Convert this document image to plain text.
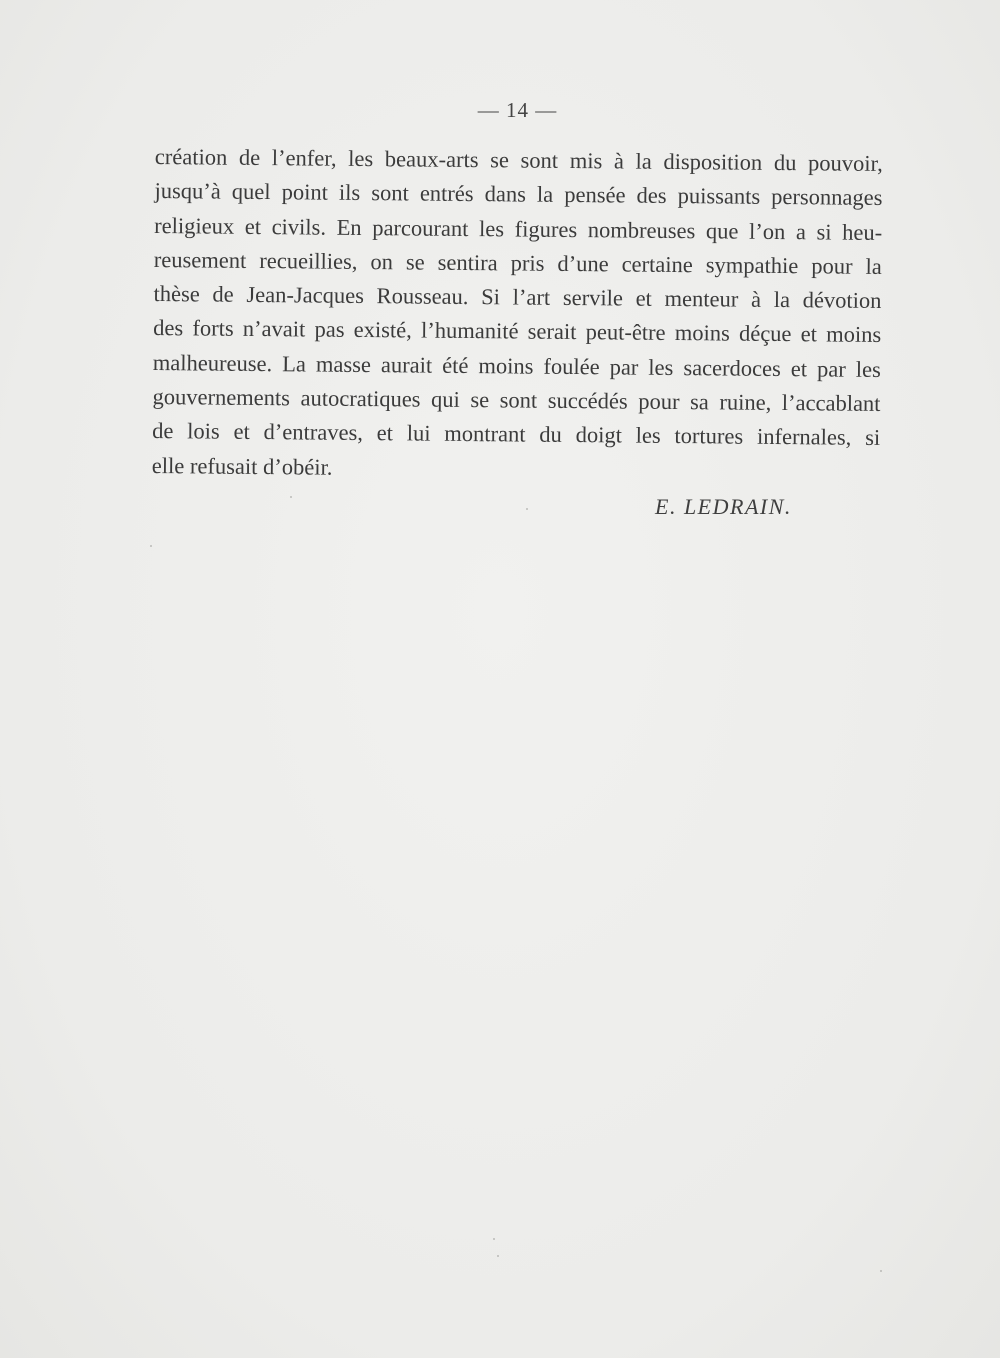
— 14 —

création de l’enfer, les beaux-arts se sont mis à la disposition du pouvoir,
jusqu’à quel point ils sont entrés dans la pensée des puissants personnages
religieux et civils. En parcourant les figures nombreuses que l’on a si heu-
reusement recueillies, on se sentira pris d’une certaine sympathie pour la
thèse de Jean-Jacques Rousseau. Si l’art servile et menteur à la dévotion
des forts n’avait pas existé, l’humanité serait peut-être moins déçue et moins
malheureuse. La masse aurait été moins foulée par les sacerdoces et par les
gouvernements autocratiques qui se sont succédés pour sa ruine, l’accablant
de lois et d’entraves, et lui montrant du doigt les tortures infernales, si
elle refusait d’obéir.

E. LEDRAIN.
